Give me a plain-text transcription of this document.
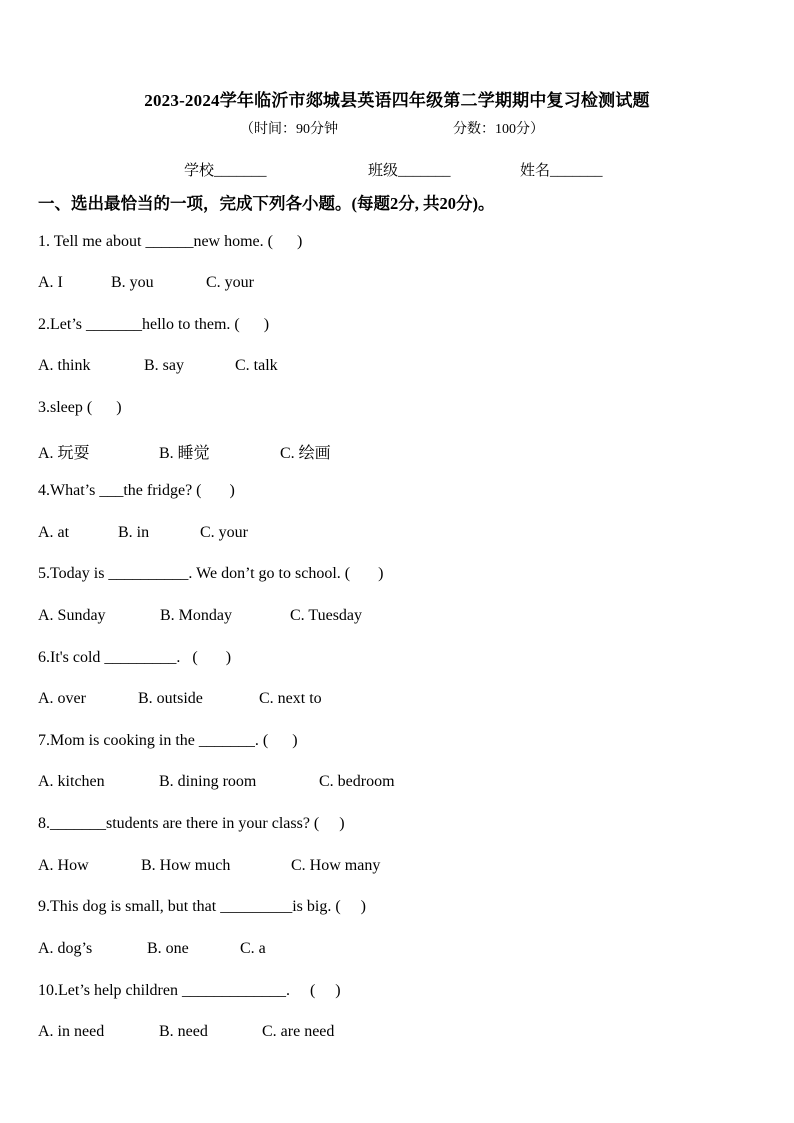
2023-2024学年临沂市郯城县英语四年级第二学期期中复习检测试题
（时间：90分钟	分数：100分）
学校_______	班级_______	姓名_______
一、选出最恰当的一项，完成下列各小题。(每题2分, 共20分)。
1. Tell me about ______new home. (      )
A. I	B. you	C. your
2.Let’s _______hello to them. (      )
A. think	B. say	C. talk
3.sleep (      )
A. 玩耍	B. 睡觉	C. 绘画
4.What’s ___the fridge? (       )
A. at	B. in	C. your
5.Today is __________. We don’t go to school. (       )
A. Sunday	B. Monday	C. Tuesday
6.It's cold _________.   (       )
A. over	B. outside	C. next to
7.Mom is cooking in the _______. (      )
A. kitchen	B. dining room	C. bedroom
8._______students are there in your class? (     )
A. How	B. How much	C. How many
9.This dog is small, but that _________is big. (     )
A. dog’s	B. one	C. a
10.Let’s help children _____________.     (     )
A. in need	B. need	C. are need
